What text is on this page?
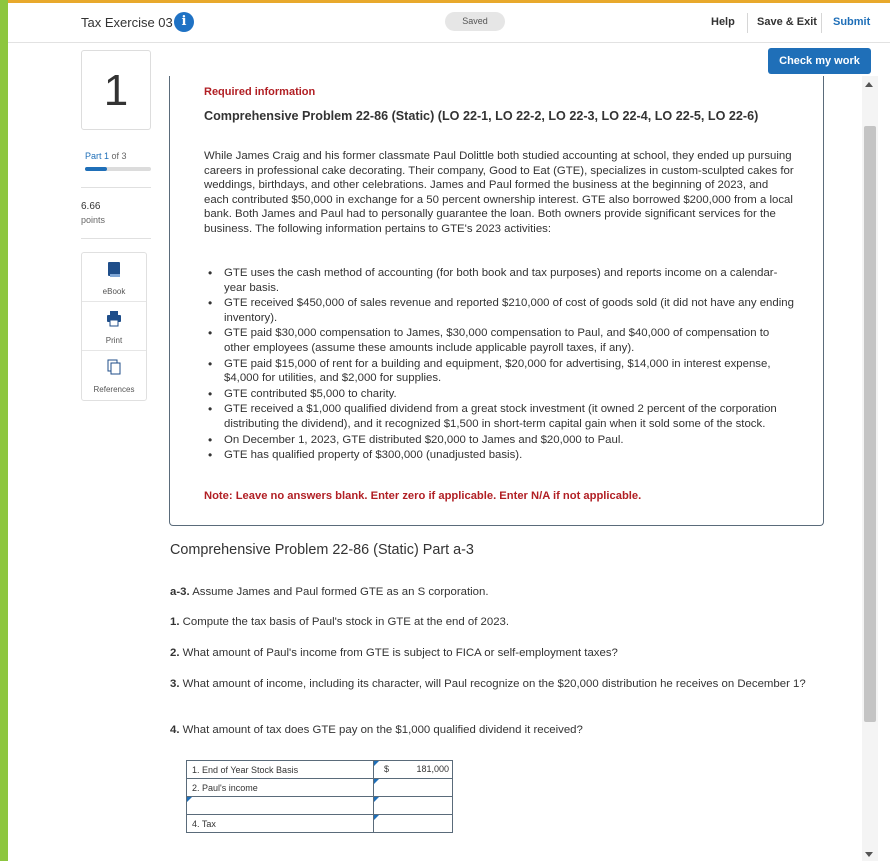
Tax Exercise 03 i	Saved	Help Save & Exit Submit
Check my work
1
Part 1 of 3
6.66
points
eBook
Print
References
Required information
Comprehensive Problem 22-86 (Static) (LO 22-1, LO 22-2, LO 22-3, LO 22-4, LO 22-5, LO 22-6)
While James Craig and his former classmate Paul Dolittle both studied accounting at school, they ended up pursuing careers in professional cake decorating. Their company, Good to Eat (GTE), specializes in custom-sculpted cakes for weddings, birthdays, and other celebrations. James and Paul formed the business at the beginning of 2023, and each contributed $50,000 in exchange for a 50 percent ownership interest. GTE also borrowed $200,000 from a local bank. Both James and Paul had to personally guarantee the loan. Both owners provide significant services for the business. The following information pertains to GTE's 2023 activities:
• GTE uses the cash method of accounting (for both book and tax purposes) and reports income on a calendar-year basis.
• GTE received $450,000 of sales revenue and reported $210,000 of cost of goods sold (it did not have any ending inventory).
• GTE paid $30,000 compensation to James, $30,000 compensation to Paul, and $40,000 of compensation to other employees (assume these amounts include applicable payroll taxes, if any).
• GTE paid $15,000 of rent for a building and equipment, $20,000 for advertising, $14,000 in interest expense, $4,000 for utilities, and $2,000 for supplies.
• GTE contributed $5,000 to charity.
• GTE received a $1,000 qualified dividend from a great stock investment (it owned 2 percent of the corporation distributing the dividend), and it recognized $1,500 in short-term capital gain when it sold some of the stock.
• On December 1, 2023, GTE distributed $20,000 to James and $20,000 to Paul.
• GTE has qualified property of $300,000 (unadjusted basis).
Note: Leave no answers blank. Enter zero if applicable. Enter N/A if not applicable.
Comprehensive Problem 22-86 (Static) Part a-3
a-3. Assume James and Paul formed GTE as an S corporation.
1. Compute the tax basis of Paul's stock in GTE at the end of 2023.
2. What amount of Paul's income from GTE is subject to FICA or self-employment taxes?
3. What amount of income, including its character, will Paul recognize on the $20,000 distribution he receives on December 1?
4. What amount of tax does GTE pay on the $1,000 qualified dividend it received?
1. End of Year Stock Basis	$ 181,000

2. Paul's income	

4. Tax	
